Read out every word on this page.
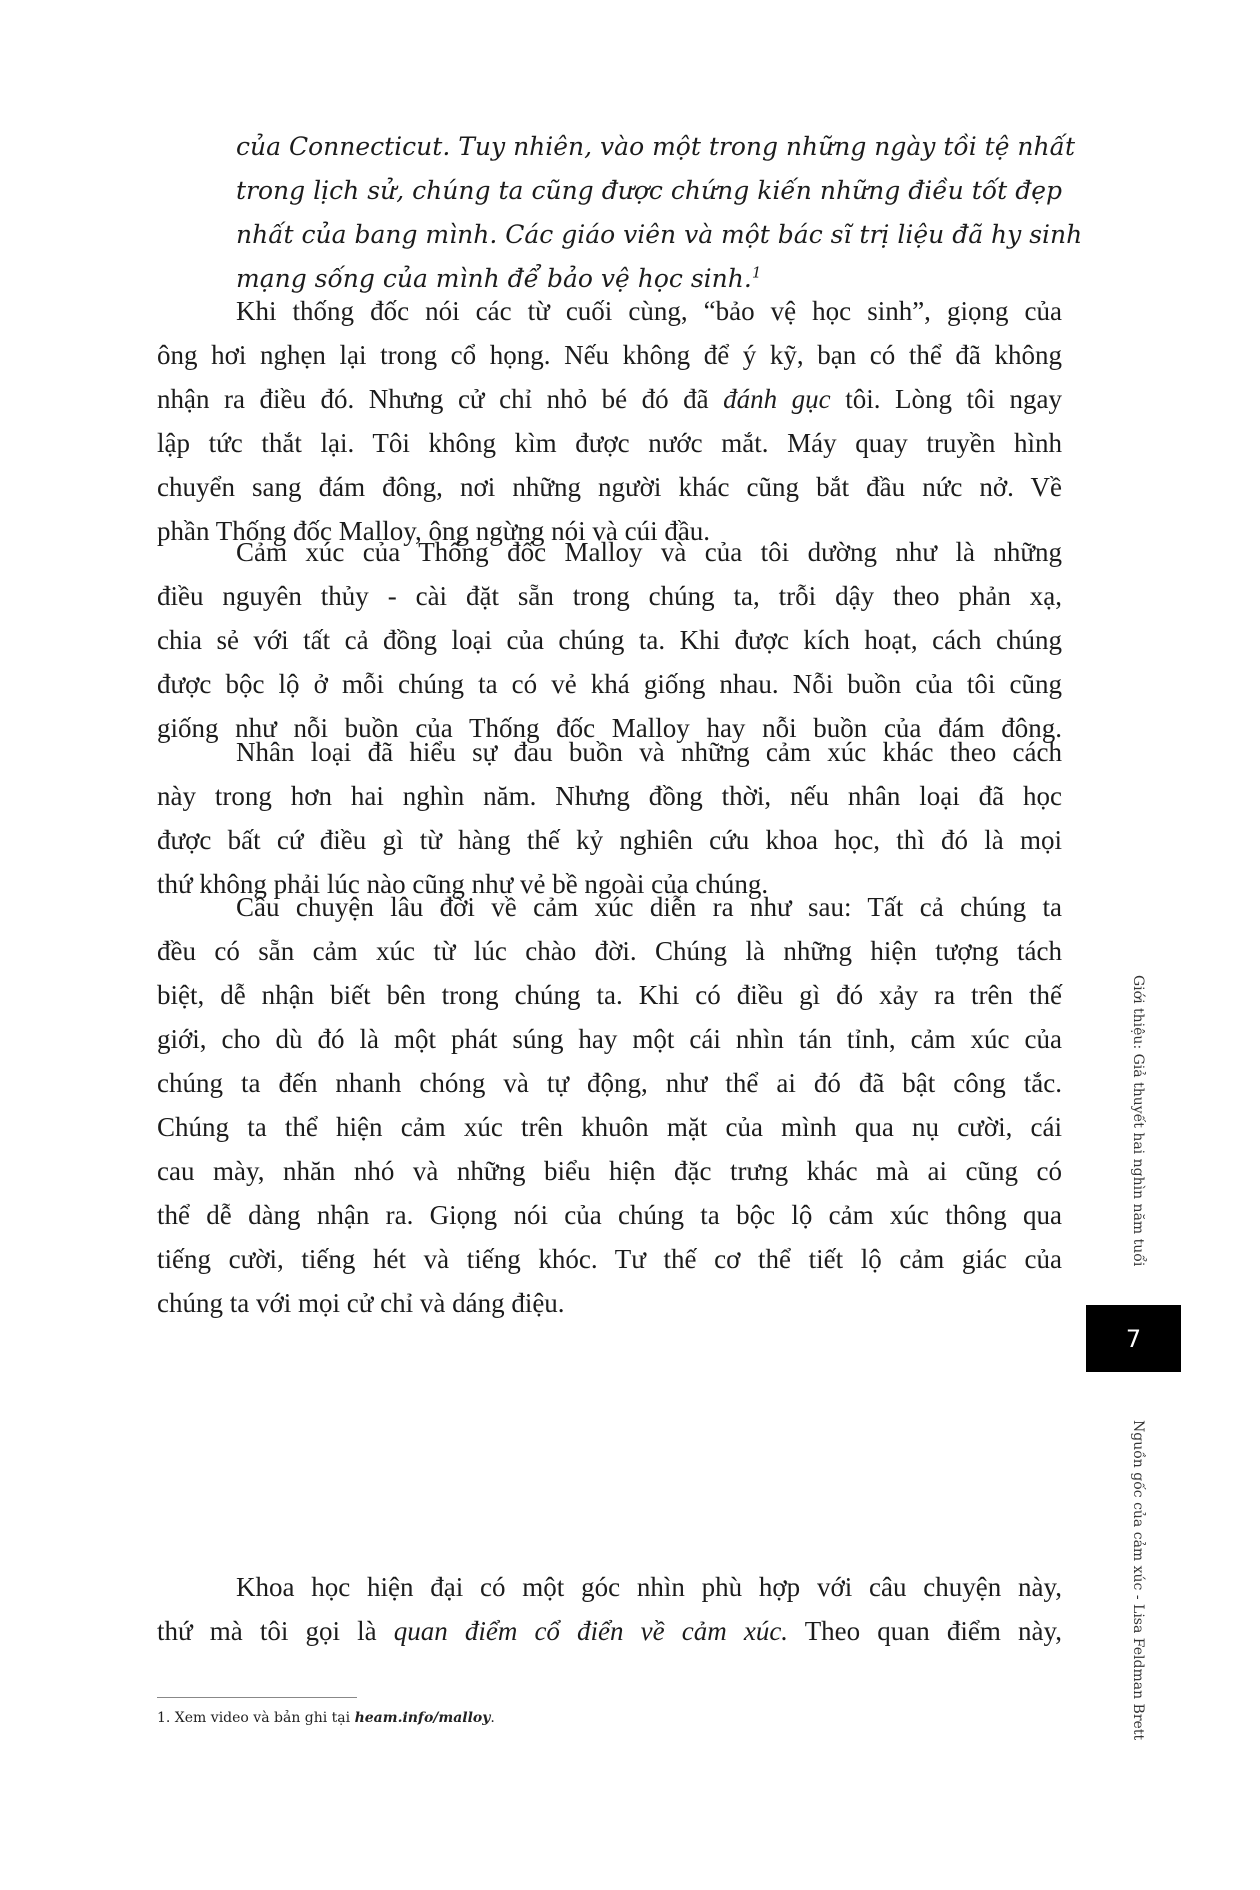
của Connecticut. Tuy nhiên, vào một trong những ngày tồi tệ nhất
trong lịch sử, chúng ta cũng được chứng kiến những điều tốt đẹp
nhất của bang mình. Các giáo viên và một bác sĩ trị liệu đã hy sinh
mạng sống của mình để bảo vệ học sinh.$^1$
Khi thống đốc nói các từ cuối cùng, “bảo vệ học sinh”, giọng của
ông hơi nghẹn lại trong cổ họng. Nếu không để ý kỹ, bạn có thể đã không
nhận ra điều đó. Nhưng cử chỉ nhỏ bé đó đã đánh gục tôi. Lòng tôi ngay
lập tức thắt lại. Tôi không kìm được nước mắt. Máy quay truyền hình
chuyển sang đám đông, nơi những người khác cũng bắt đầu nức nở. Về
phần Thống đốc Malloy, ông ngừng nói và cúi đầu.
Cảm xúc của Thống đốc Malloy và của tôi dường như là những
điều nguyên thủy - cài đặt sẵn trong chúng ta, trỗi dậy theo phản xạ,
chia sẻ với tất cả đồng loại của chúng ta. Khi được kích hoạt, cách chúng
được bộc lộ ở mỗi chúng ta có vẻ khá giống nhau. Nỗi buồn của tôi cũng
giống như nỗi buồn của Thống đốc Malloy hay nỗi buồn của đám đông.
Nhân loại đã hiểu sự đau buồn và những cảm xúc khác theo cách
này trong hơn hai nghìn năm. Nhưng đồng thời, nếu nhân loại đã học
được bất cứ điều gì từ hàng thế kỷ nghiên cứu khoa học, thì đó là mọi
thứ không phải lúc nào cũng như vẻ bề ngoài của chúng.
Câu chuyện lâu đời về cảm xúc diễn ra như sau: Tất cả chúng ta
đều có sẵn cảm xúc từ lúc chào đời. Chúng là những hiện tượng tách
biệt, dễ nhận biết bên trong chúng ta. Khi có điều gì đó xảy ra trên thế
giới, cho dù đó là một phát súng hay một cái nhìn tán tỉnh, cảm xúc của
chúng ta đến nhanh chóng và tự động, như thể ai đó đã bật công tắc.
Chúng ta thể hiện cảm xúc trên khuôn mặt của mình qua nụ cười, cái
cau mày, nhăn nhó và những biểu hiện đặc trưng khác mà ai cũng có
thể dễ dàng nhận ra. Giọng nói của chúng ta bộc lộ cảm xúc thông qua
tiếng cười, tiếng hét và tiếng khóc. Tư thế cơ thể tiết lộ cảm giác của
chúng ta với mọi cử chỉ và dáng điệu.
Khoa học hiện đại có một góc nhìn phù hợp với câu chuyện này,
thứ mà tôi gọi là quan điểm cổ điển về cảm xúc. Theo quan điểm này,
1. Xem video và bản ghi tại heam.info/malloy.
Giới thiệu: Giả thuyết hai nghìn năm tuổi
7
Nguồn gốc của cảm xúc - Lisa Feldman Brett
